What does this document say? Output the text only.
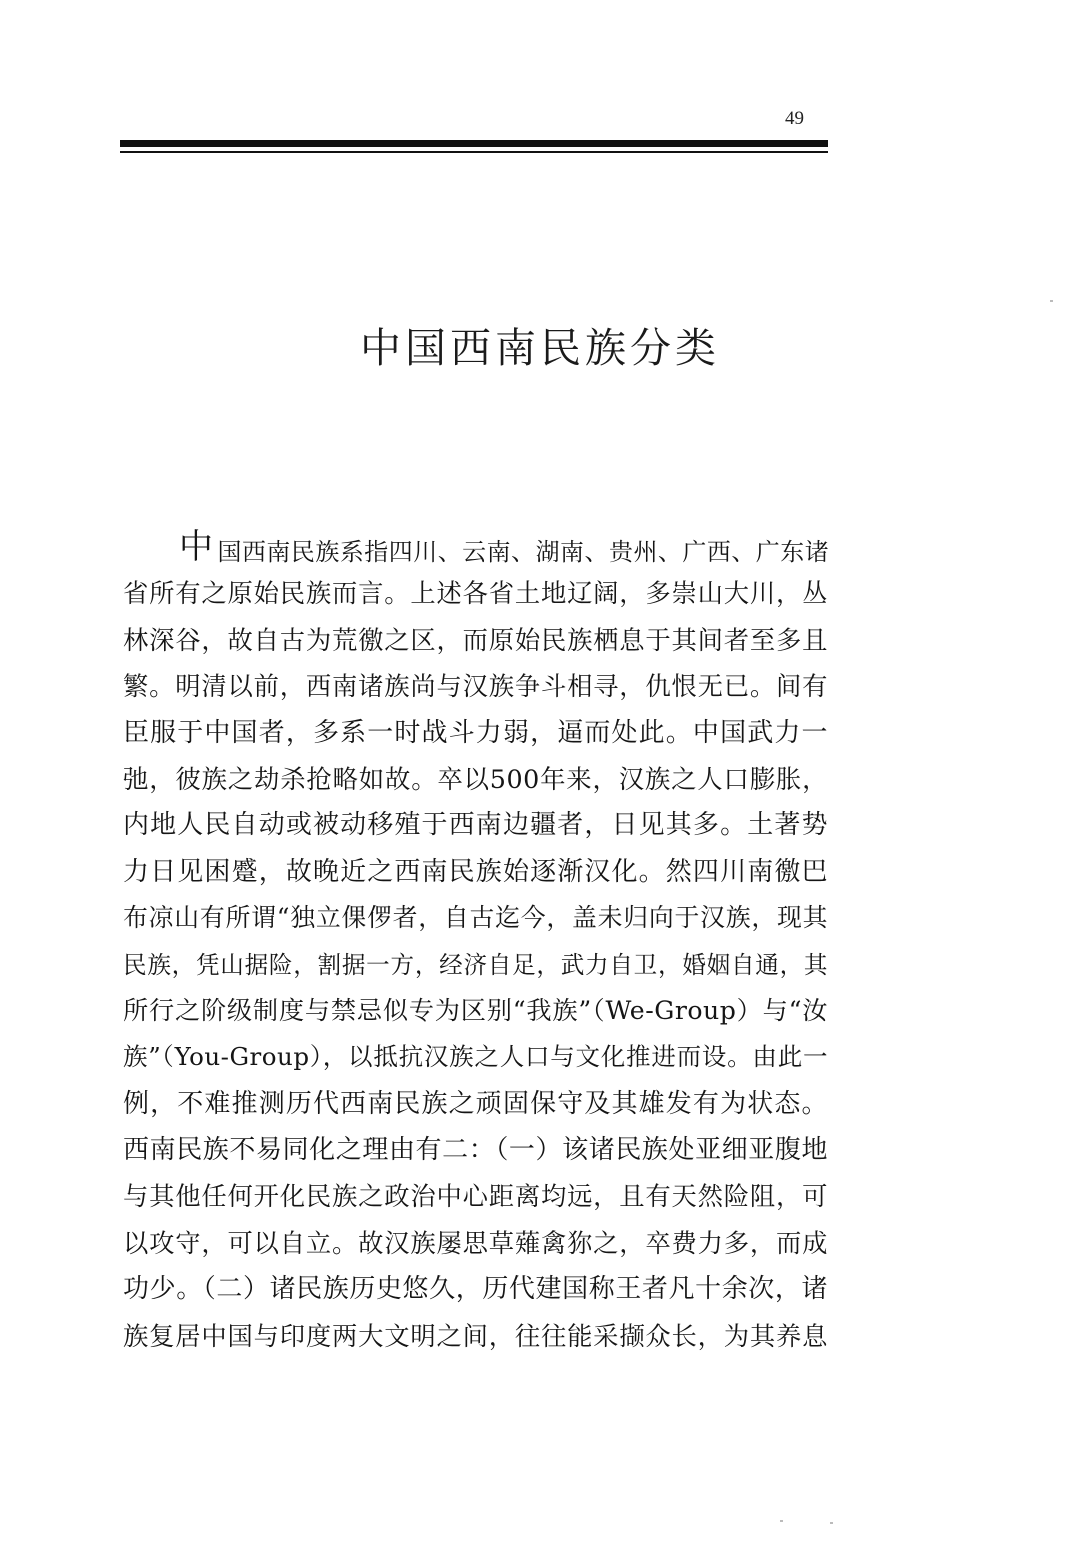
49
中国西南民族分类
中 国西南民族系指四川、云南、湖南、贵州、广西、广东诸
省所有之原始民族而言。上述各省土地辽阔，多崇山大川，丛
林深谷，故自古为荒徼之区，而原始民族栖息于其间者至多且
繁。明清以前，西南诸族尚与汉族争斗相寻，仇恨无已。间有
臣服于中国者，多系一时战斗力弱，逼而处此。中国武力一
弛，彼族之劫杀抢略如故。卒以500年来，汉族之人口膨胀，
内地人民自动或被动移殖于西南边疆者，日见其多。土著势
力日见困蹙，故晚近之西南民族始逐渐汉化。然四川南徼巴
布凉山有所谓“独立倮㑩者，自古迄今，盖未归向于汉族，现其
民族，凭山据险，割据一方，经济自足，武力自卫，婚姻自通，其
所行之阶级制度与禁忌似专为区别“我族”（We-Group）与“汝
族”（You-Group），以抵抗汉族之人口与文化推进而设。由此一
例，不难推测历代西南民族之顽固保守及其雄发有为状态。
西南民族不易同化之理由有二：（一）该诸民族处亚细亚腹地
与其他任何开化民族之政治中心距离均远，且有天然险阻，可
以攻守，可以自立。故汉族屡思草薙禽狝之，卒费力多，而成
功少。（二）诸民族历史悠久，历代建国称王者凡十余次，诸
族复居中国与印度两大文明之间，往往能采撷众长，为其养息
